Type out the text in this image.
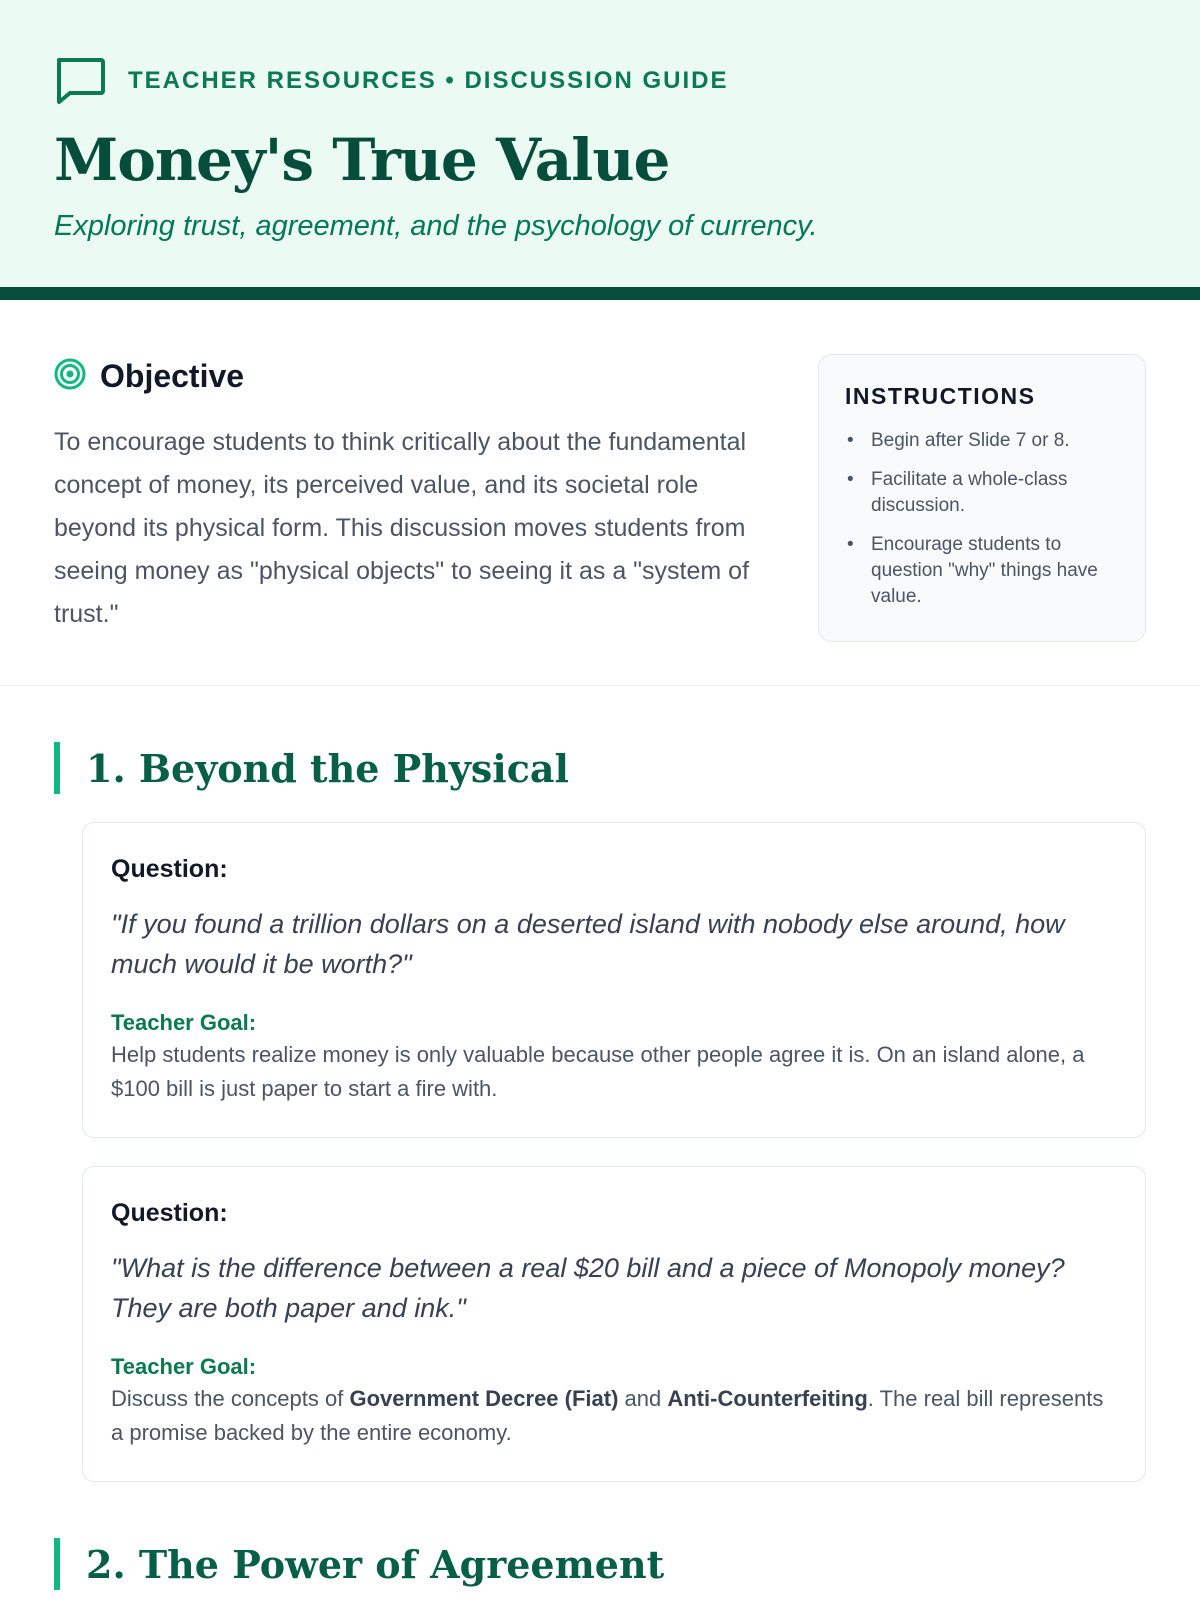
TEACHER RESOURCES • DISCUSSION GUIDE
Money's True Value
Exploring trust, agreement, and the psychology of currency.
Objective
To encourage students to think critically about the fundamental concept of money, its perceived value, and its societal role beyond its physical form. This discussion moves students from seeing money as "physical objects" to seeing it as a "system of trust."
INSTRUCTIONS
• Begin after Slide 7 or 8.
• Facilitate a whole-class discussion.
• Encourage students to question "why" things have value.
1. Beyond the Physical
Question:
"If you found a trillion dollars on a deserted island with nobody else around, how much would it be worth?"
Teacher Goal:
Help students realize money is only valuable because other people agree it is. On an island alone, a $100 bill is just paper to start a fire with.
Question:
"What is the difference between a real $20 bill and a piece of Monopoly money? They are both paper and ink."
Teacher Goal:
Discuss the concepts of Government Decree (Fiat) and Anti-Counterfeiting. The real bill represents a promise backed by the entire economy.
2. The Power of Agreement
